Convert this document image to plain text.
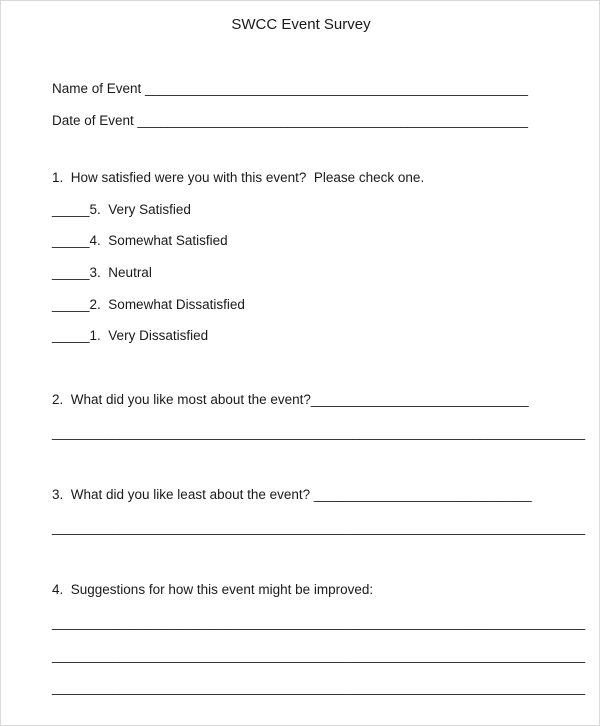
SWCC Event Survey
Name of Event ___________________________________________________
Date of Event ____________________________________________________
1.  How satisfied were you with this event?  Please check one.
_____5.  Very Satisfied
_____4.  Somewhat Satisfied
_____3.  Neutral
_____2.  Somewhat Dissatisfied
_____1.  Very Dissatisfied
2.  What did you like most about the event?_____________________________
_______________________________________________________________________
3.  What did you like least about the event? _____________________________
_______________________________________________________________________
4.  Suggestions for how this event might be improved:
_______________________________________________________________________
_______________________________________________________________________
_______________________________________________________________________
